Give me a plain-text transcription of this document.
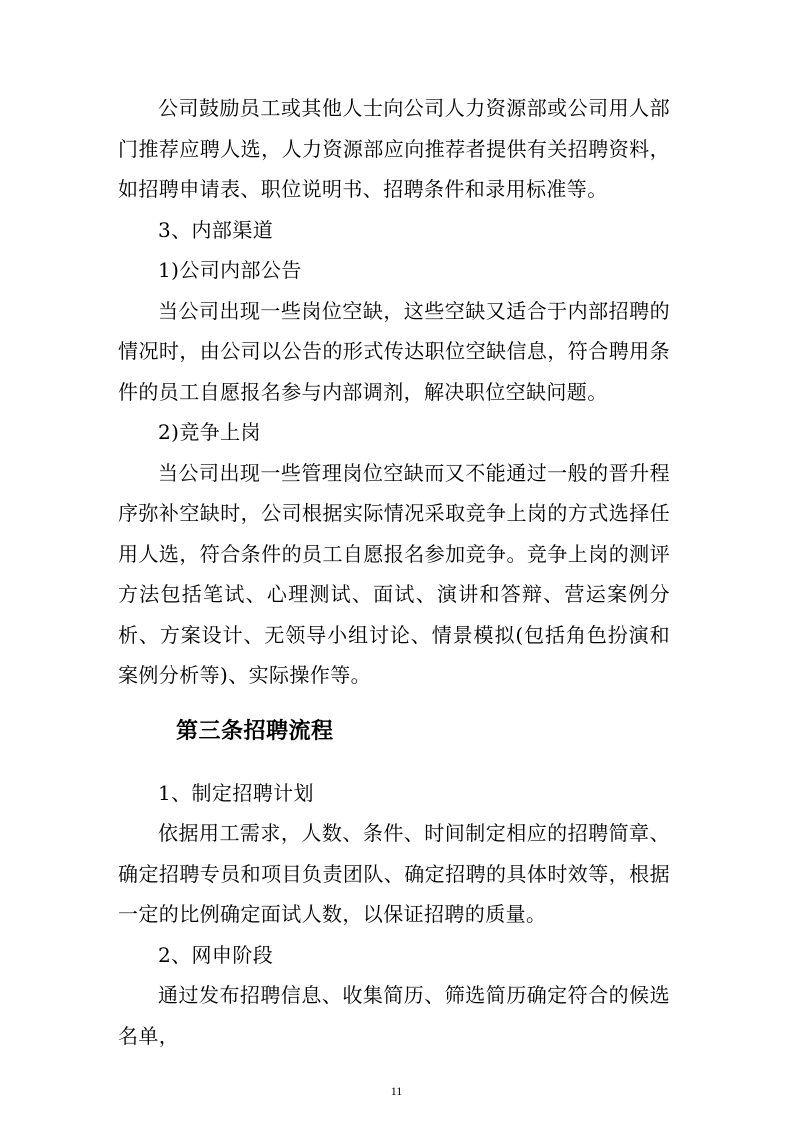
公司鼓励员工或其他人士向公司人力资源部或公司用人部门推荐应聘人选，人力资源部应向推荐者提供有关招聘资料，如招聘申请表、职位说明书、招聘条件和录用标准等。

3、内部渠道

1)公司内部公告

当公司出现一些岗位空缺，这些空缺又适合于内部招聘的情况时，由公司以公告的形式传达职位空缺信息，符合聘用条件的员工自愿报名参与内部调剂，解决职位空缺问题。

2)竞争上岗

当公司出现一些管理岗位空缺而又不能通过一般的晋升程序弥补空缺时，公司根据实际情况采取竞争上岗的方式选择任用人选，符合条件的员工自愿报名参加竞争。竞争上岗的测评方法包括笔试、心理测试、面试、演讲和答辩、营运案例分析、方案设计、无领导小组讨论、情景模拟(包括角色扮演和案例分析等)、实际操作等。

第三条招聘流程

1、制定招聘计划

依据用工需求，人数、条件、时间制定相应的招聘简章、确定招聘专员和项目负责团队、确定招聘的具体时效等，根据一定的比例确定面试人数，以保证招聘的质量。

2、网申阶段

通过发布招聘信息、收集简历、筛选简历确定符合的候选名单，

11
